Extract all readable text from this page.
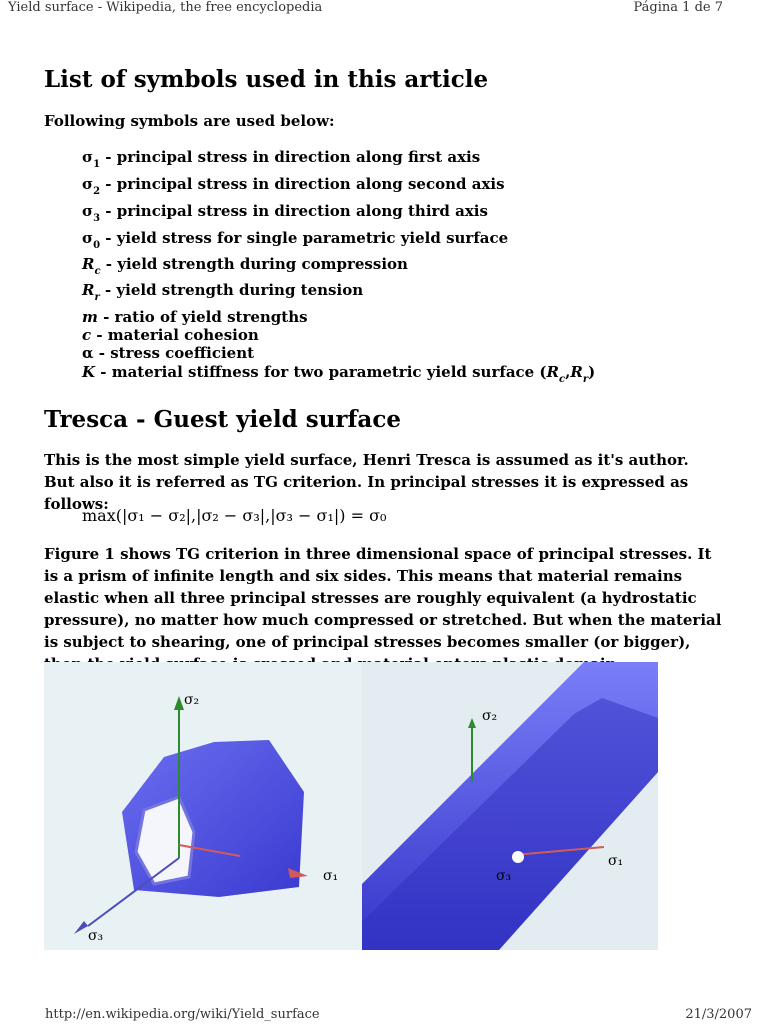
Yield surface - Wikipedia, the free encyclopedia	Página 1 de 7
List of symbols used in this article

Following symbols are used below:

$\sigma_1$ - principal stress in direction along first axis
$\sigma_2$ - principal stress in direction along second axis
$\sigma_3$ - principal stress in direction along third axis
$\sigma_0$ - yield stress for single parametric yield surface
$R_c$ - yield strength during compression
$R_r$ - yield strength during tension
m - ratio of yield strengths
c - material cohesion
α - stress coefficient
K - material stiffness for two parametric yield surface $(R_c,R_r)$
Tresca - Guest yield surface

This is the most simple yield surface, Henri Tresca is assumed as it's author. But also it is referred as TG criterion. In principal stresses it is expressed as follows:

max(|σ₁ − σ₂|,|σ₂ − σ₃|,|σ₃ − σ₁|) = σ₀

Figure 1 shows TG criterion in three dimensional space of principal stresses. It is a prism of infinite length and six sides. This means that material remains elastic when all three principal stresses are roughly equivalent (a hydrostatic pressure), no matter how much compressed or stretched. But when the material is subject to shearing, one of principal stresses becomes smaller (or bigger),

σ₂
σ₁
σ₃
σ₂
σ₁
σ₃
http://en.wikipedia.org/wiki/Yield_surface	21/3/2007
